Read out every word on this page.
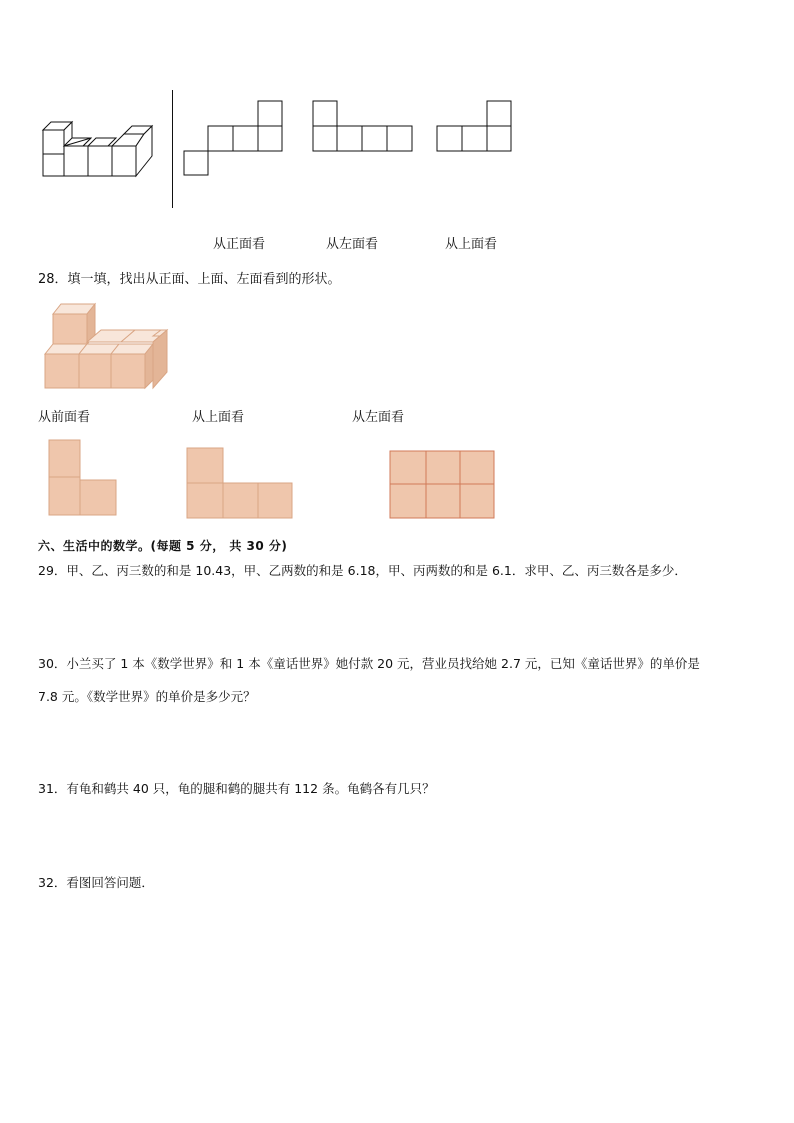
从正面看	从左面看	从上面看
28．填一填，找出从正面、上面、左面看到的形状。
从前面看	从上面看	从左面看
六、生活中的数学。(每题 5 分， 共 30 分)
29．甲、乙、丙三数的和是 10.43，甲、乙两数的和是 6.18，甲、丙两数的和是 6.1．求甲、乙、丙三数各是多少．
30．小兰买了 1 本《数学世界》和 1 本《童话世界》她付款 20 元，营业员找给她 2.7 元，已知《童话世界》的单价是
7.8 元。《数学世界》的单价是多少元？
31．有龟和鹤共 40 只，龟的腿和鹤的腿共有 112 条。龟鹤各有几只？
32．看图回答问题．
